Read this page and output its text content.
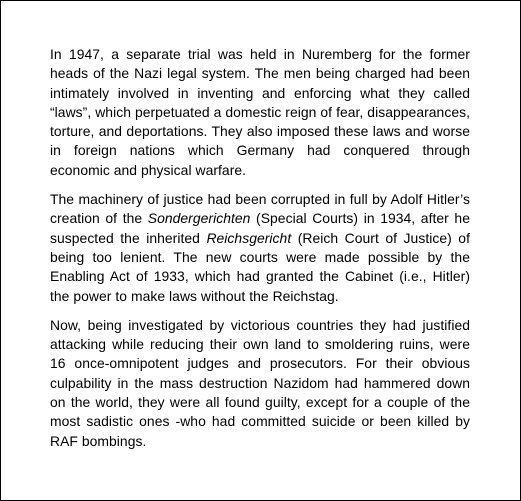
In 1947, a separate trial was held in Nuremberg for the former heads of the Nazi legal system. The men being charged had been intimately involved in inventing and enforcing what they called “laws”, which perpetuated a domestic reign of fear, disappearances, torture, and deportations. They also imposed these laws and worse in foreign nations which Germany had conquered through economic and physical warfare.

The machinery of justice had been corrupted in full by Adolf Hitler’s creation of the Sondergerichten (Special Courts) in 1934, after he suspected the inherited Reichsgericht (Reich Court of Justice) of being too lenient. The new courts were made possible by the Enabling Act of 1933, which had granted the Cabinet (i.e., Hitler) the power to make laws without the Reichstag.

Now, being investigated by victorious countries they had justified attacking while reducing their own land to smoldering ruins, were 16 once-omnipotent judges and prosecutors. For their obvious culpability in the mass destruction Nazidom had hammered down on the world, they were all found guilty, except for a couple of the most sadistic ones -who had committed suicide or been killed by RAF bombings.
